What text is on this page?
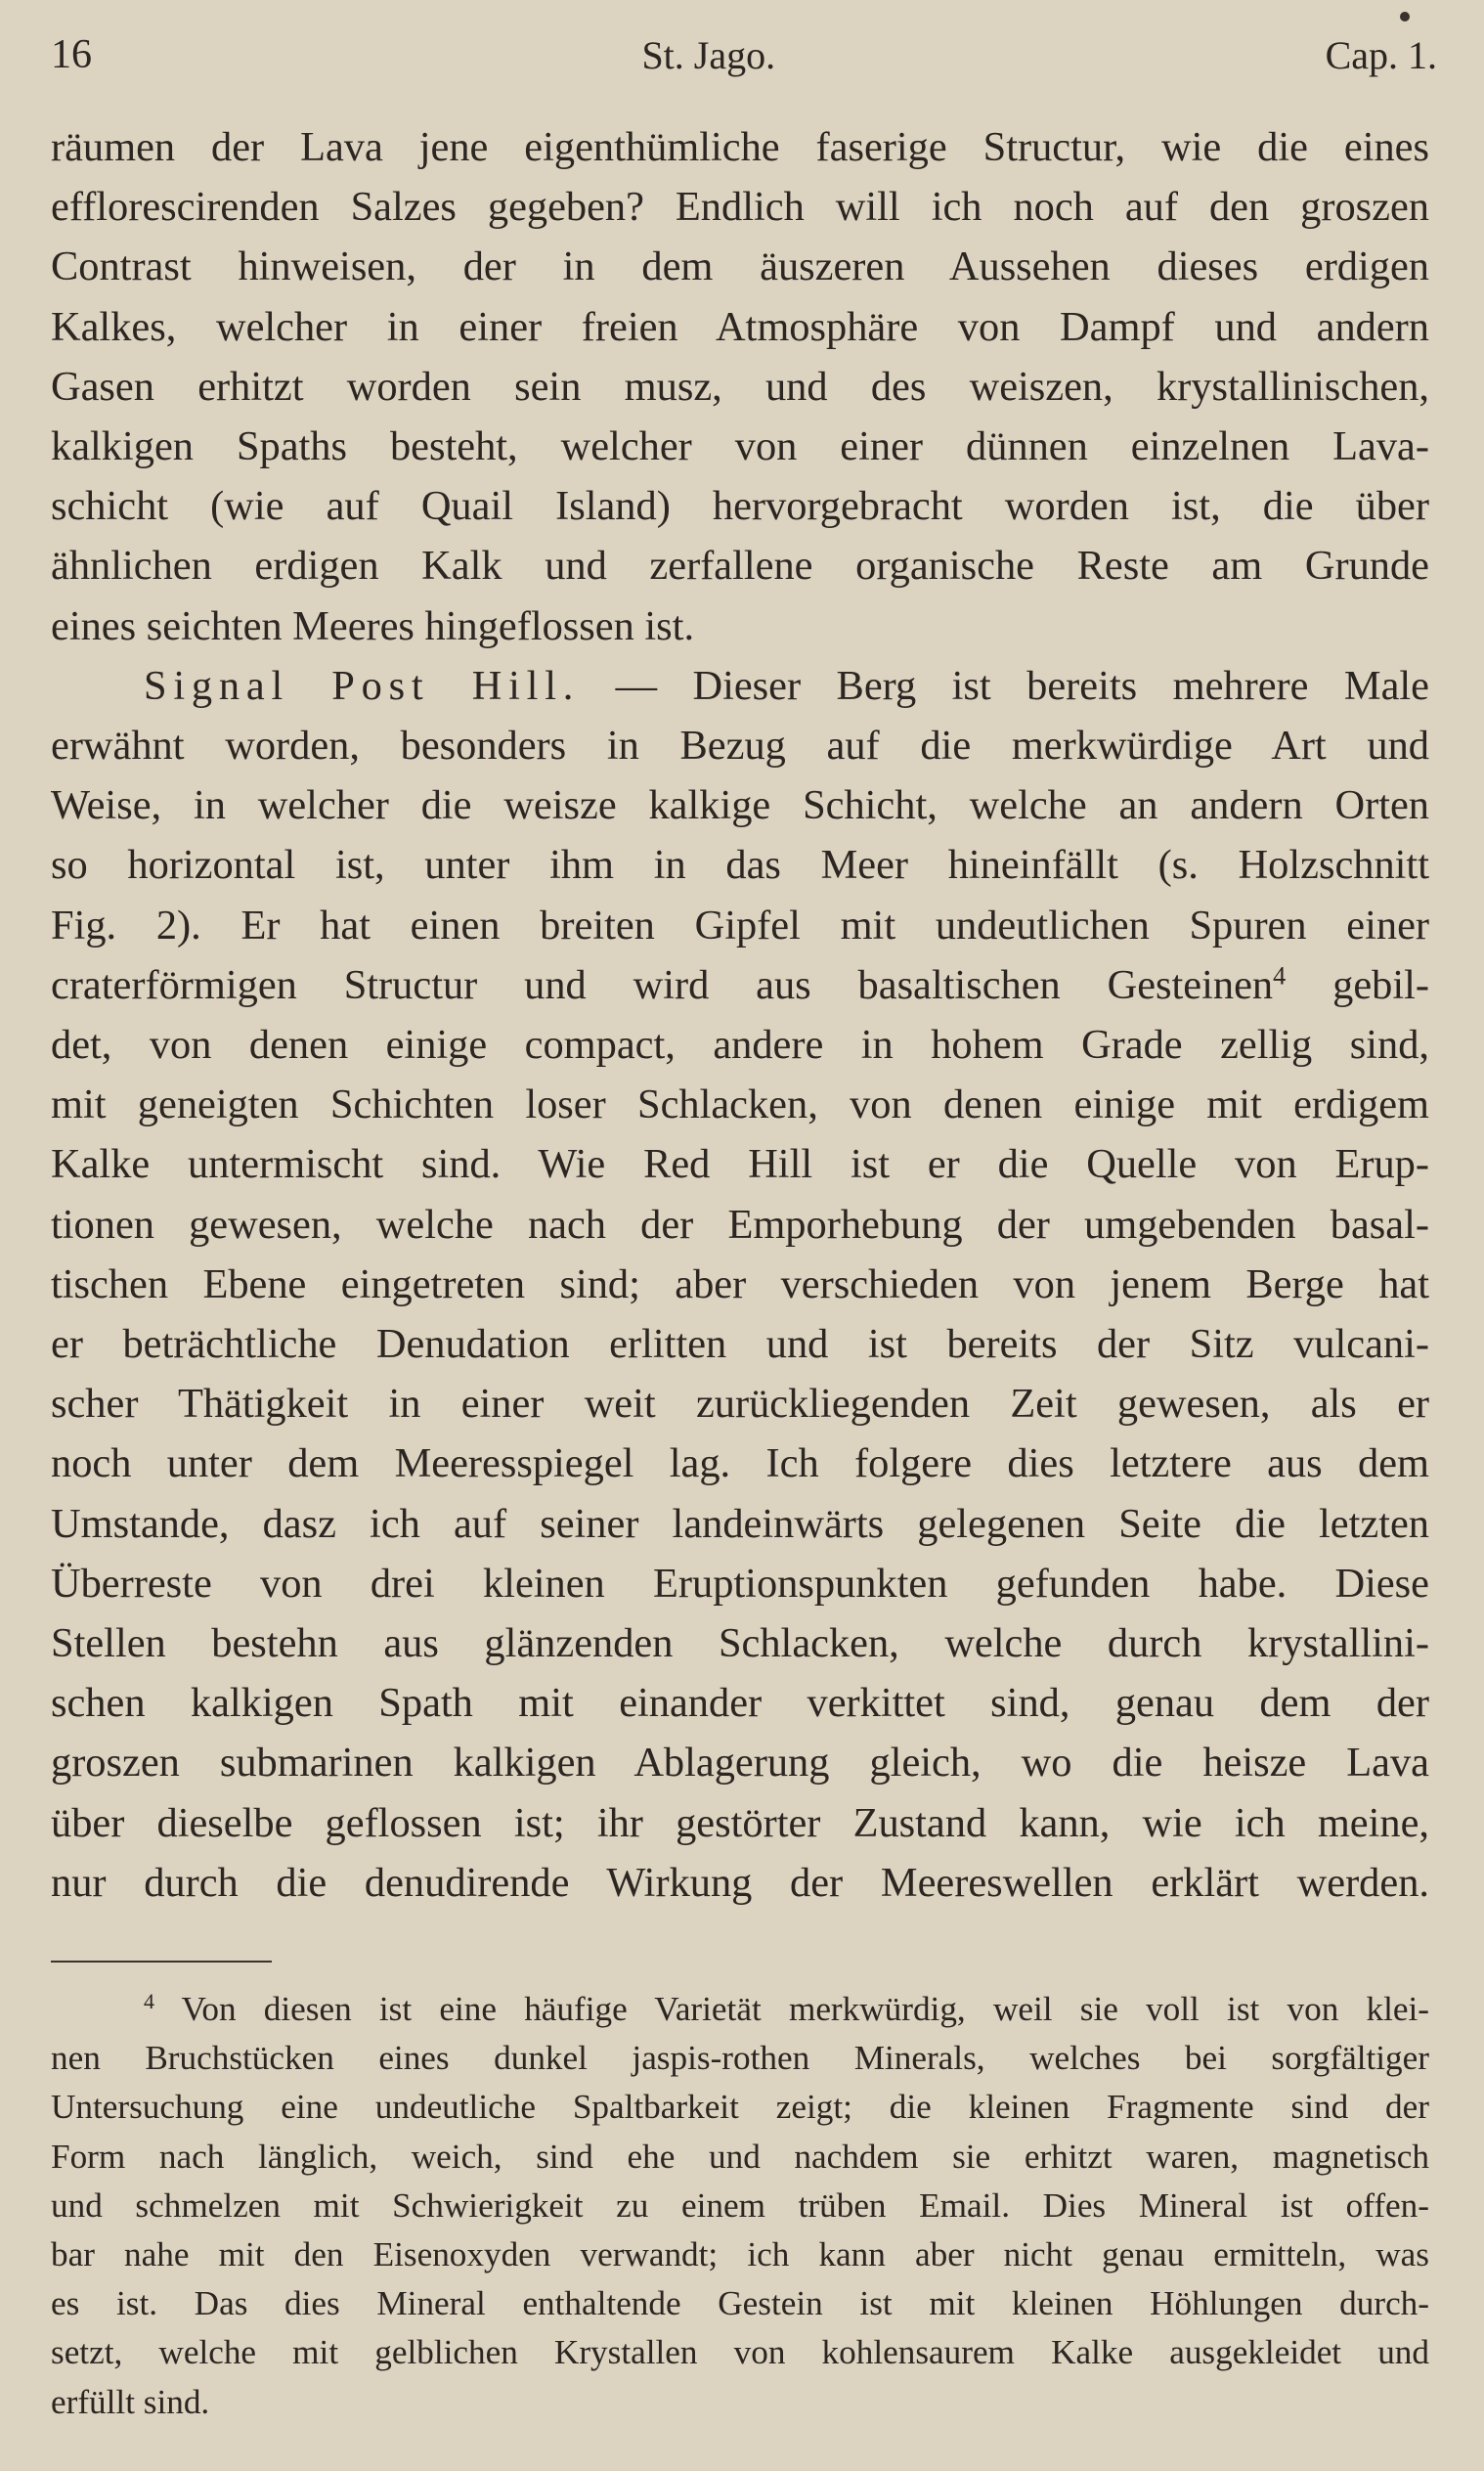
16	St. Jago.	Cap. 1.
räumen der Lava jene eigenthümliche faserige Structur, wie die eines
efflorescirenden Salzes gegeben? Endlich will ich noch auf den groszen
Contrast hinweisen, der in dem äuszeren Aussehen dieses erdigen
Kalkes, welcher in einer freien Atmosphäre von Dampf und andern
Gasen erhitzt worden sein musz, und des weiszen, krystallinischen,
kalkigen Spaths besteht, welcher von einer dünnen einzelnen Lava-
schicht (wie auf Quail Island) hervorgebracht worden ist, die über
ähnlichen erdigen Kalk und zerfallene organische Reste am Grunde
eines seichten Meeres hingeflossen ist.
Signal Post Hill. — Dieser Berg ist bereits mehrere Male
erwähnt worden, besonders in Bezug auf die merkwürdige Art und
Weise, in welcher die weisze kalkige Schicht, welche an andern Orten
so horizontal ist, unter ihm in das Meer hineinfällt (s. Holzschnitt
Fig. 2). Er hat einen breiten Gipfel mit undeutlichen Spuren einer
craterförmigen Structur und wird aus basaltischen Gesteinen$^4$ gebil-
det, von denen einige compact, andere in hohem Grade zellig sind,
mit geneigten Schichten loser Schlacken, von denen einige mit erdigem
Kalke untermischt sind. Wie Red Hill ist er die Quelle von Erup-
tionen gewesen, welche nach der Emporhebung der umgebenden basal-
tischen Ebene eingetreten sind; aber verschieden von jenem Berge hat
er beträchtliche Denudation erlitten und ist bereits der Sitz vulcani-
scher Thätigkeit in einer weit zurückliegenden Zeit gewesen, als er
noch unter dem Meeresspiegel lag. Ich folgere dies letztere aus dem
Umstande, dasz ich auf seiner landeinwärts gelegenen Seite die letzten
Überreste von drei kleinen Eruptionspunkten gefunden habe. Diese
Stellen bestehn aus glänzenden Schlacken, welche durch krystallini-
schen kalkigen Spath mit einander verkittet sind, genau dem der
groszen submarinen kalkigen Ablagerung gleich, wo die heisze Lava
über dieselbe geflossen ist; ihr gestörter Zustand kann, wie ich meine,
nur durch die denudirende Wirkung der Meereswellen erklärt werden.
$^4$ Von diesen ist eine häufige Varietät merkwürdig, weil sie voll ist von klei-
nen Bruchstücken eines dunkel jaspis-rothen Minerals, welches bei sorgfältiger
Untersuchung eine undeutliche Spaltbarkeit zeigt; die kleinen Fragmente sind der
Form nach länglich, weich, sind ehe und nachdem sie erhitzt waren, magnetisch
und schmelzen mit Schwierigkeit zu einem trüben Email. Dies Mineral ist offen-
bar nahe mit den Eisenoxyden verwandt; ich kann aber nicht genau ermitteln, was
es ist. Das dies Mineral enthaltende Gestein ist mit kleinen Höhlungen durch-
setzt, welche mit gelblichen Krystallen von kohlensaurem Kalke ausgekleidet und
erfüllt sind.
